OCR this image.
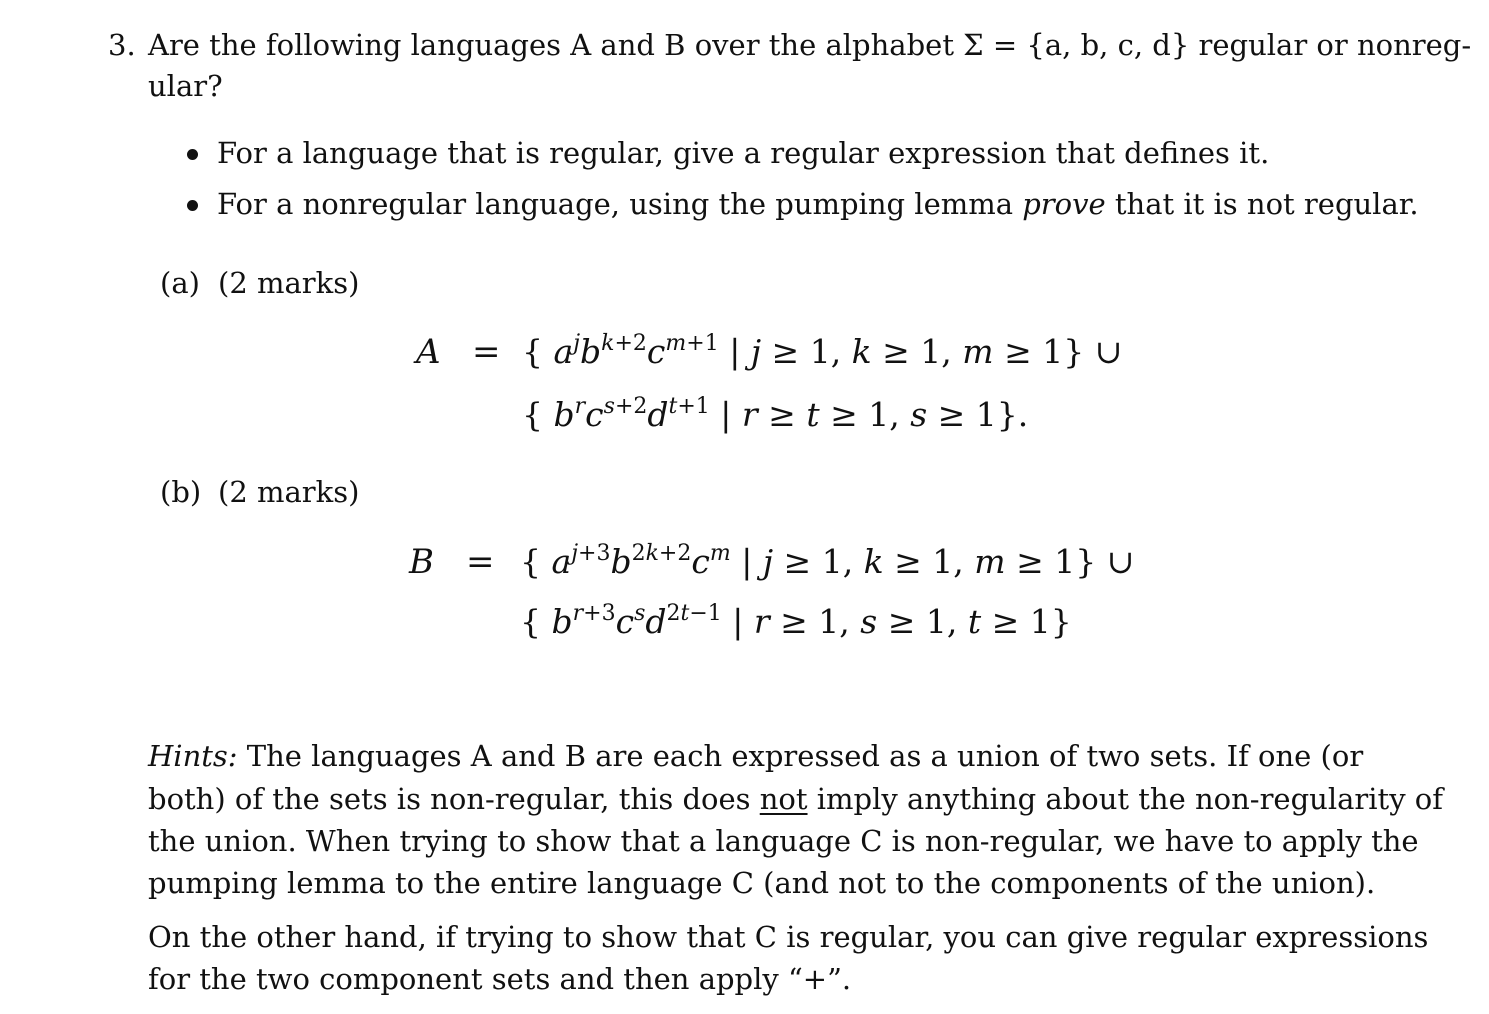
3. Are the following languages A and B over the alphabet Σ = {a, b, c, d} regular or nonreg-
ular?
For a language that is regular, give a regular expression that defines it.
For a nonregular language, using the pumping lemma prove that it is not regular.
(a) (2 marks)
A = { $a^jb^{k+2}c^{m+1}$ | j ≥ 1, k ≥ 1, m ≥ 1} ∪
{ $b^rc^{s+2}d^{t+1}$ | r ≥ t ≥ 1, s ≥ 1}.
(b) (2 marks)
B = { $a^{j+3}b^{2k+2}c^m$ | j ≥ 1, k ≥ 1, m ≥ 1} ∪
{ $b^{r+3}c^sd^{2t-1}$ | r ≥ 1, s ≥ 1, t ≥ 1}
Hints: The languages A and B are each expressed as a union of two sets. If one (or
both) of the sets is non-regular, this does not imply anything about the non-regularity of
the union. When trying to show that a language C is non-regular, we have to apply the
pumping lemma to the entire language C (and not to the components of the union).
On the other hand, if trying to show that C is regular, you can give regular expressions
for the two component sets and then apply “+”.
